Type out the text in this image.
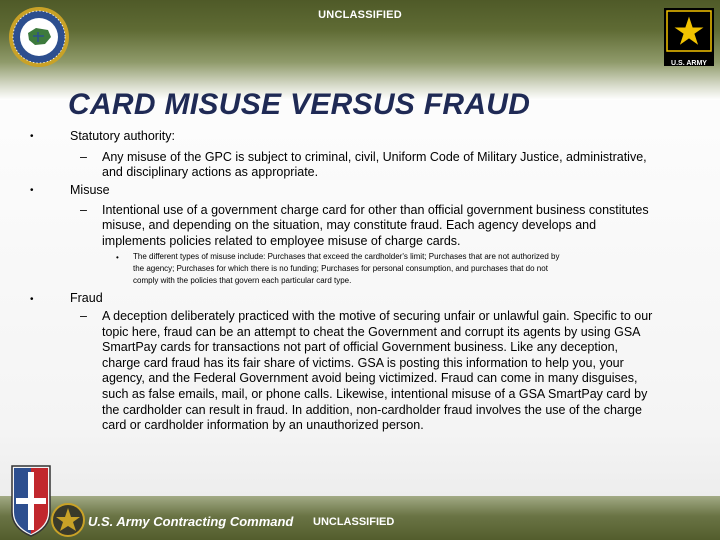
UNCLASSIFIED
U.S. ARMY
CARD MISUSE VERSUS FRAUD
•	Statutory authority:
– Any misuse of the GPC is subject to criminal, civil, Uniform Code of Military Justice, administrative,
and disciplinary actions as appropriate.
•	Misuse
– Intentional use of a government charge card for other than official government business constitutes
misuse, and depending on the situation, may constitute fraud. Each agency develops and
implements policies related to employee misuse of charge cards.
• The different types of misuse include: Purchases that exceed the cardholder's limit; Purchases that are not authorized by
the agency; Purchases for which there is no funding; Purchases for personal consumption, and purchases that do not
comply with the policies that govern each particular card type.
•	Fraud
– A deception deliberately practiced with the motive of securing unfair or unlawful gain. Specific to our
topic here, fraud can be an attempt to cheat the Government and corrupt its agents by using GSA
SmartPay cards for transactions not part of official Government business. Like any deception,
charge card fraud has its fair share of victims. GSA is posting this information to help you, your
agency, and the Federal Government avoid being victimized. Fraud can come in many disguises,
such as false emails, mail, or phone calls. Likewise, intentional misuse of a GSA SmartPay card by
the cardholder can result in fraud. In addition, non-cardholder fraud involves the use of the charge
card or cardholder information by an unauthorized person.
U.S. Army Contracting Command UNCLASSIFIED
